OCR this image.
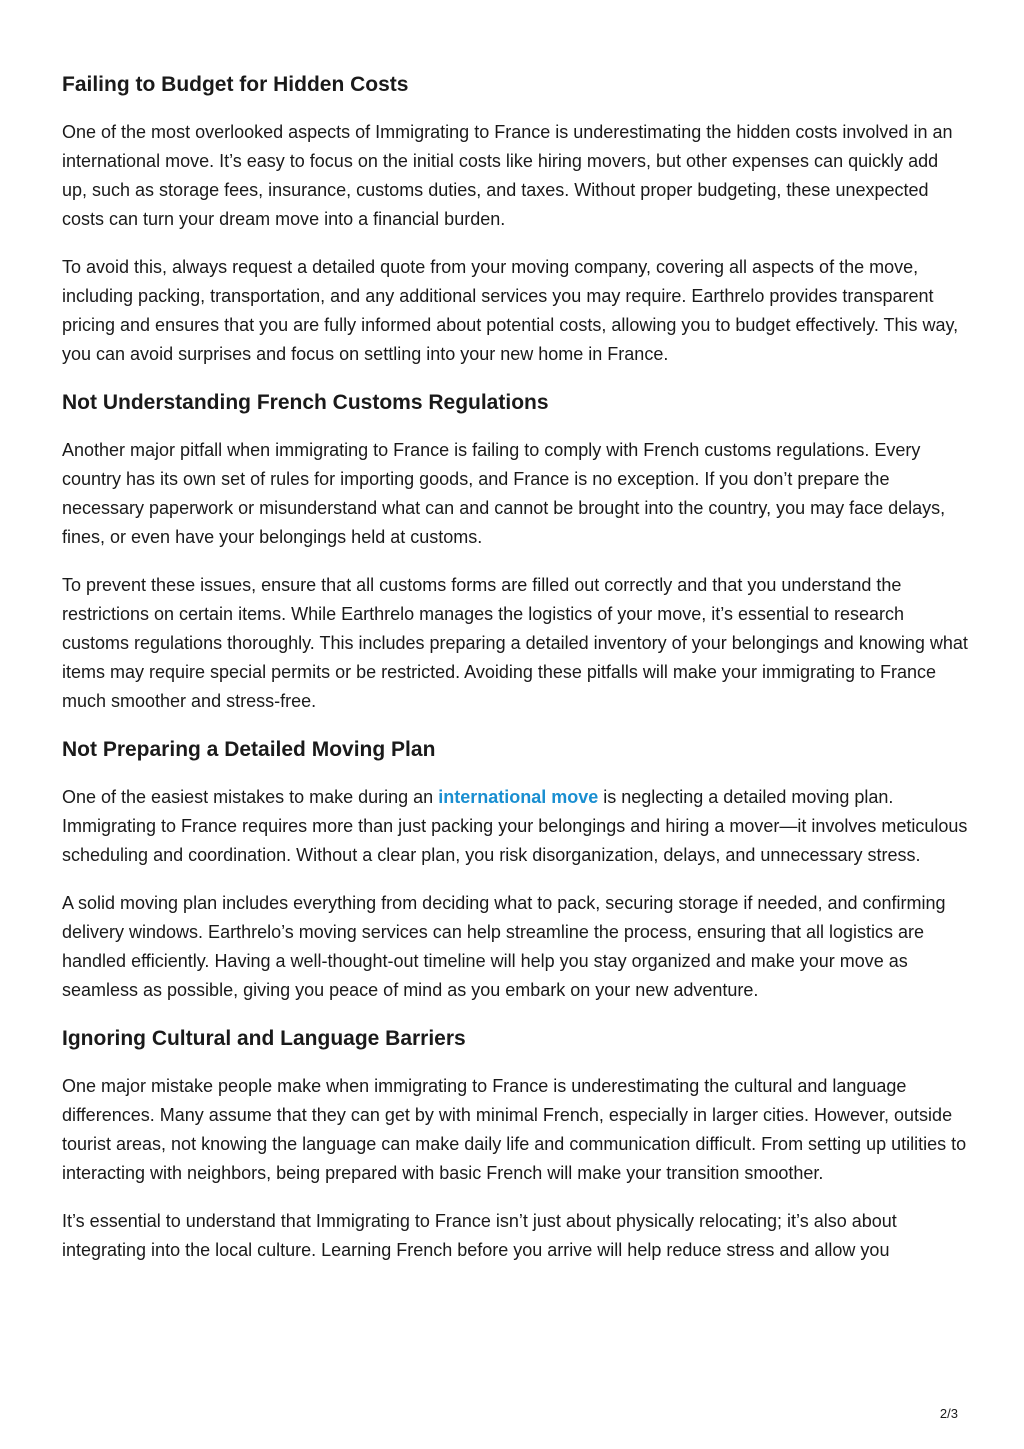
Failing to Budget for Hidden Costs

One of the most overlooked aspects of Immigrating to France is underestimating the hidden costs involved in an international move. It’s easy to focus on the initial costs like hiring movers, but other expenses can quickly add up, such as storage fees, insurance, customs duties, and taxes. Without proper budgeting, these unexpected costs can turn your dream move into a financial burden.

To avoid this, always request a detailed quote from your moving company, covering all aspects of the move, including packing, transportation, and any additional services you may require. Earthrelo provides transparent pricing and ensures that you are fully informed about potential costs, allowing you to budget effectively. This way, you can avoid surprises and focus on settling into your new home in France.

Not Understanding French Customs Regulations

Another major pitfall when immigrating to France is failing to comply with French customs regulations. Every country has its own set of rules for importing goods, and France is no exception. If you don’t prepare the necessary paperwork or misunderstand what can and cannot be brought into the country, you may face delays, fines, or even have your belongings held at customs.

To prevent these issues, ensure that all customs forms are filled out correctly and that you understand the restrictions on certain items. While Earthrelo manages the logistics of your move, it’s essential to research customs regulations thoroughly. This includes preparing a detailed inventory of your belongings and knowing what items may require special permits or be restricted. Avoiding these pitfalls will make your immigrating to France much smoother and stress-free.

Not Preparing a Detailed Moving Plan

One of the easiest mistakes to make during an international move is neglecting a detailed moving plan. Immigrating to France requires more than just packing your belongings and hiring a mover—it involves meticulous scheduling and coordination. Without a clear plan, you risk disorganization, delays, and unnecessary stress.

A solid moving plan includes everything from deciding what to pack, securing storage if needed, and confirming delivery windows. Earthrelo’s moving services can help streamline the process, ensuring that all logistics are handled efficiently. Having a well-thought-out timeline will help you stay organized and make your move as seamless as possible, giving you peace of mind as you embark on your new adventure.

Ignoring Cultural and Language Barriers

One major mistake people make when immigrating to France is underestimating the cultural and language differences. Many assume that they can get by with minimal French, especially in larger cities. However, outside tourist areas, not knowing the language can make daily life and communication difficult. From setting up utilities to interacting with neighbors, being prepared with basic French will make your transition smoother.

It’s essential to understand that Immigrating to France isn’t just about physically relocating; it’s also about integrating into the local culture. Learning French before you arrive will help reduce stress and allow you

2/3
